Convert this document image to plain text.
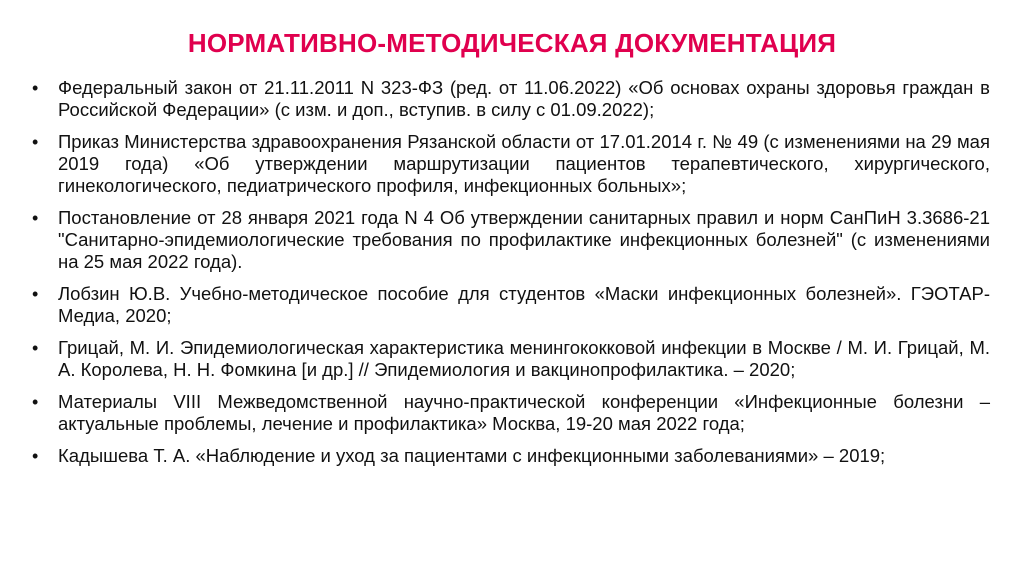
НОРМАТИВНО-МЕТОДИЧЕСКАЯ ДОКУМЕНТАЦИЯ
• Федеральный закон от 21.11.2011 N 323-ФЗ (ред. от 11.06.2022) «Об основах охраны здоровья граждан в Российской Федерации» (с изм. и доп., вступив. в силу с 01.09.2022);
• Приказ Министерства здравоохранения Рязанской области от 17.01.2014 г. № 49 (с изменениями на 29 мая 2019 года) «Об утверждении маршрутизации пациентов терапевтического, хирургического, гинекологического, педиатрического профиля, инфекционных больных»;
• Постановление от 28 января 2021 года N 4 Об утверждении санитарных правил и норм СанПиН 3.3686-21 "Санитарно-эпидемиологические требования по профилактике инфекционных болезней" (с изменениями на 25 мая 2022 года).
• Лобзин Ю.В. Учебно-методическое пособие для студентов «Маски инфекционных болезней». ГЭОТАР-Медиа, 2020;
• Грицай, М. И. Эпидемиологическая характеристика менингококковой инфекции в Москве / М. И. Грицай, М. А. Королева, Н. Н. Фомкина [и др.] // Эпидемиология и вакцинопрофилактика. – 2020;
• Материалы VIII Межведомственной научно-практической конференции «Инфекционные болезни – актуальные проблемы, лечение и профилактика» Москва, 19-20 мая 2022 года;
• Кадышева Т. А. «Наблюдение и уход за пациентами с инфекционными заболеваниями» – 2019;
